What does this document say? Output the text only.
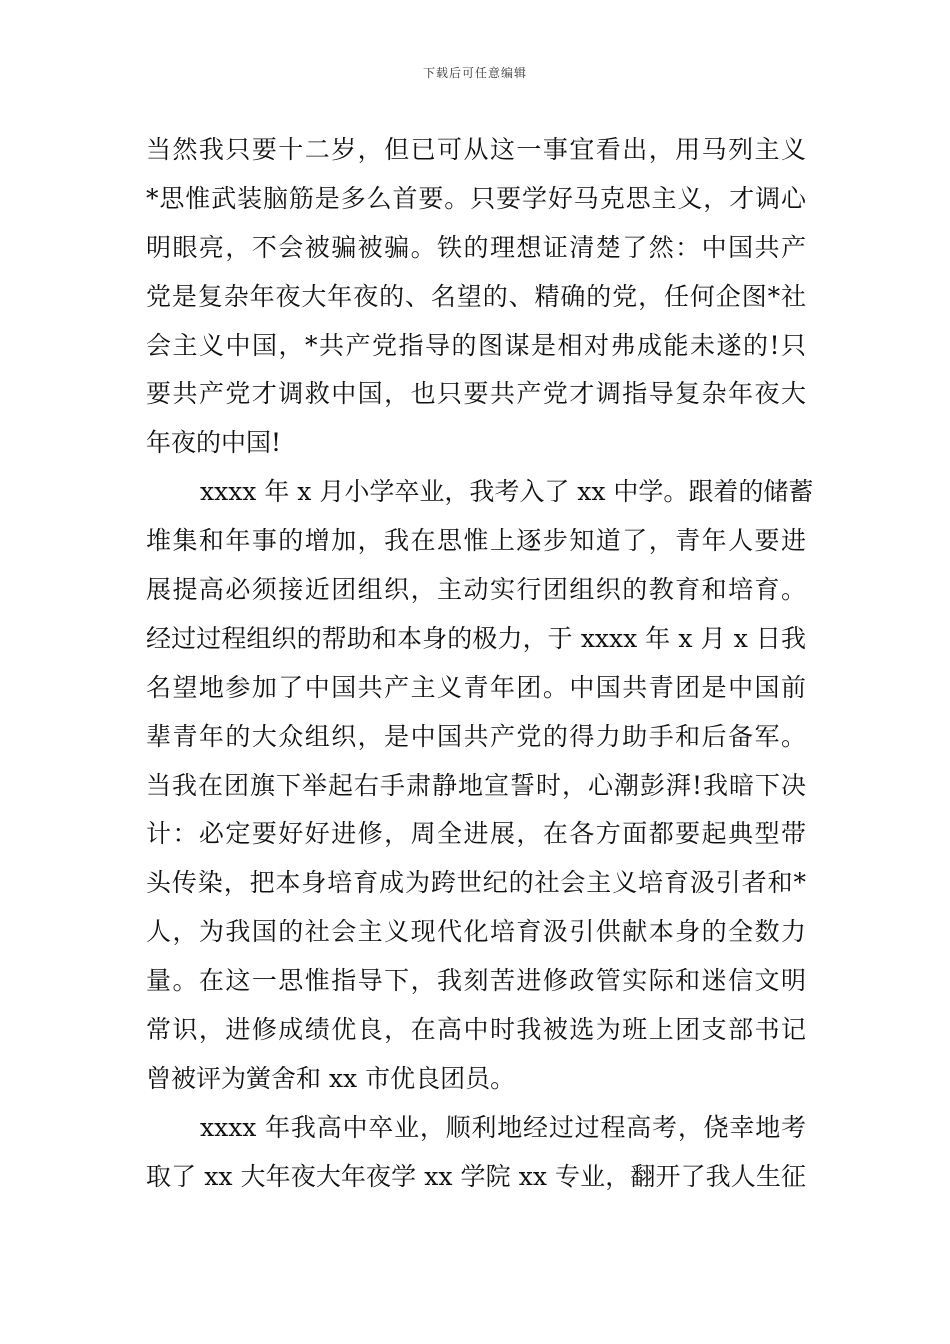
下载后可任意编辑
当然我只要十二岁，但已可从这一事宜看出，用马列主义
*思惟武装脑筋是多么首要。只要学好马克思主义，才调心
明眼亮，不会被骗被骗。铁的理想证清楚了然：中国共产
党是复杂年夜大年夜的、名望的、精确的党，任何企图*社
会主义中国，*共产党指导的图谋是相对弗成能未遂的!只
要共产党才调救中国，也只要共产党才调指导复杂年夜大
年夜的中国!
xxxx 年 x 月小学卒业，我考入了 xx 中学。跟着的储蓄
堆集和年事的增加，我在思惟上逐步知道了，青年人要进
展提高必须接近团组织，主动实行团组织的教育和培育。
经过过程组织的帮助和本身的极力，于 xxxx 年 x 月 x 日我
名望地参加了中国共产主义青年团。中国共青团是中国前
辈青年的大众组织，是中国共产党的得力助手和后备军。
当我在团旗下举起右手肃静地宣誓时，心潮彭湃!我暗下决
计：必定要好好进修，周全进展，在各方面都要起典型带
头传染，把本身培育成为跨世纪的社会主义培育汲引者和*
人，为我国的社会主义现代化培育汲引供献本身的全数力
量。在这一思惟指导下，我刻苦进修政管实际和迷信文明
常识，进修成绩优良，在高中时我被选为班上团支部书记
曾被评为黉舍和 xx 市优良团员。
xxxx 年我高中卒业，顺利地经过过程高考，侥幸地考
取了 xx 大年夜大年夜学 xx 学院 xx 专业，翻开了我人生征
